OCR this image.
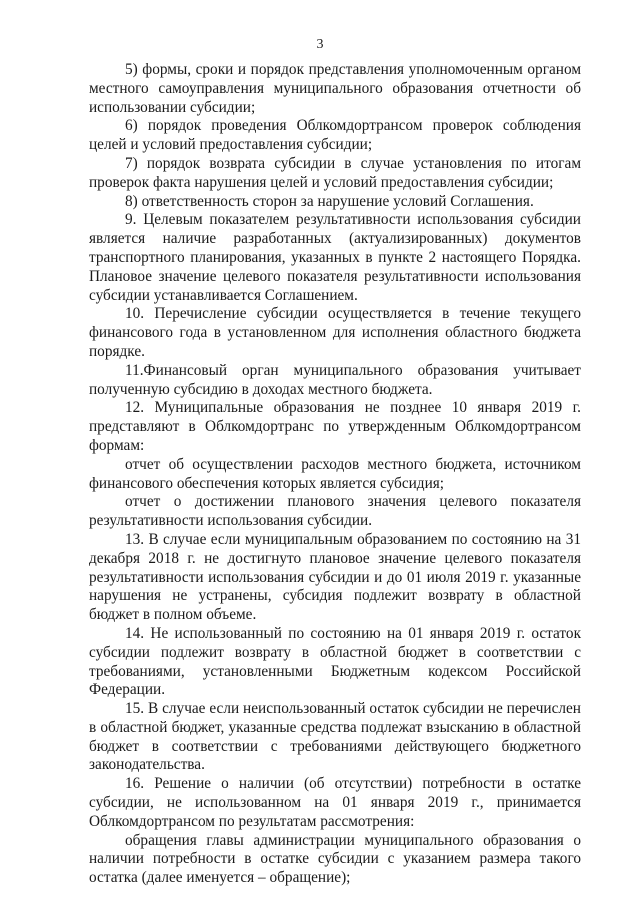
3

5) формы, сроки и порядок представления уполномоченным органом местного самоуправления муниципального образования отчетности об использовании субсидии;

6) порядок проведения Облкомдортрансом проверок соблюдения целей и условий предоставления субсидии;

7) порядок возврата субсидии в случае установления по итогам проверок факта нарушения целей и условий предоставления субсидии;

8) ответственность сторон за нарушение условий Соглашения.

9. Целевым показателем результативности использования субсидии является наличие разработанных (актуализированных) документов транспортного планирования, указанных в пункте 2 настоящего Порядка. Плановое значение целевого показателя результативности использования субсидии устанавливается Соглашением.

10. Перечисление субсидии осуществляется в течение текущего финансового года в установленном для исполнения областного бюджета порядке.

11.Финансовый орган муниципального образования учитывает полученную субсидию в доходах местного бюджета.

12. Муниципальные образования не позднее 10 января 2019 г. представляют в Облкомдортранс по утвержденным Облкомдортрансом формам:

отчет об осуществлении расходов местного бюджета, источником финансового обеспечения которых является субсидия;

отчет о достижении планового значения целевого показателя результативности использования субсидии.

13. В случае если муниципальным образованием по состоянию на 31 декабря 2018 г. не достигнуто плановое значение целевого показателя результативности использования субсидии и до 01 июля 2019 г. указанные нарушения не устранены, субсидия подлежит возврату в областной бюджет в полном объеме.

14. Не использованный по состоянию на 01 января 2019 г. остаток субсидии подлежит возврату в областной бюджет в соответствии с требованиями, установленными Бюджетным кодексом Российской Федерации.

15. В случае если неиспользованный остаток субсидии не перечислен в областной бюджет, указанные средства подлежат взысканию в областной бюджет в соответствии с требованиями действующего бюджетного законодательства.

16. Решение о наличии (об отсутствии) потребности в остатке субсидии, не использованном на 01 января 2019 г., принимается Облкомдортрансом по результатам рассмотрения:

обращения главы администрации муниципального образования о наличии потребности в остатке субсидии с указанием размера такого остатка (далее именуется – обращение);
